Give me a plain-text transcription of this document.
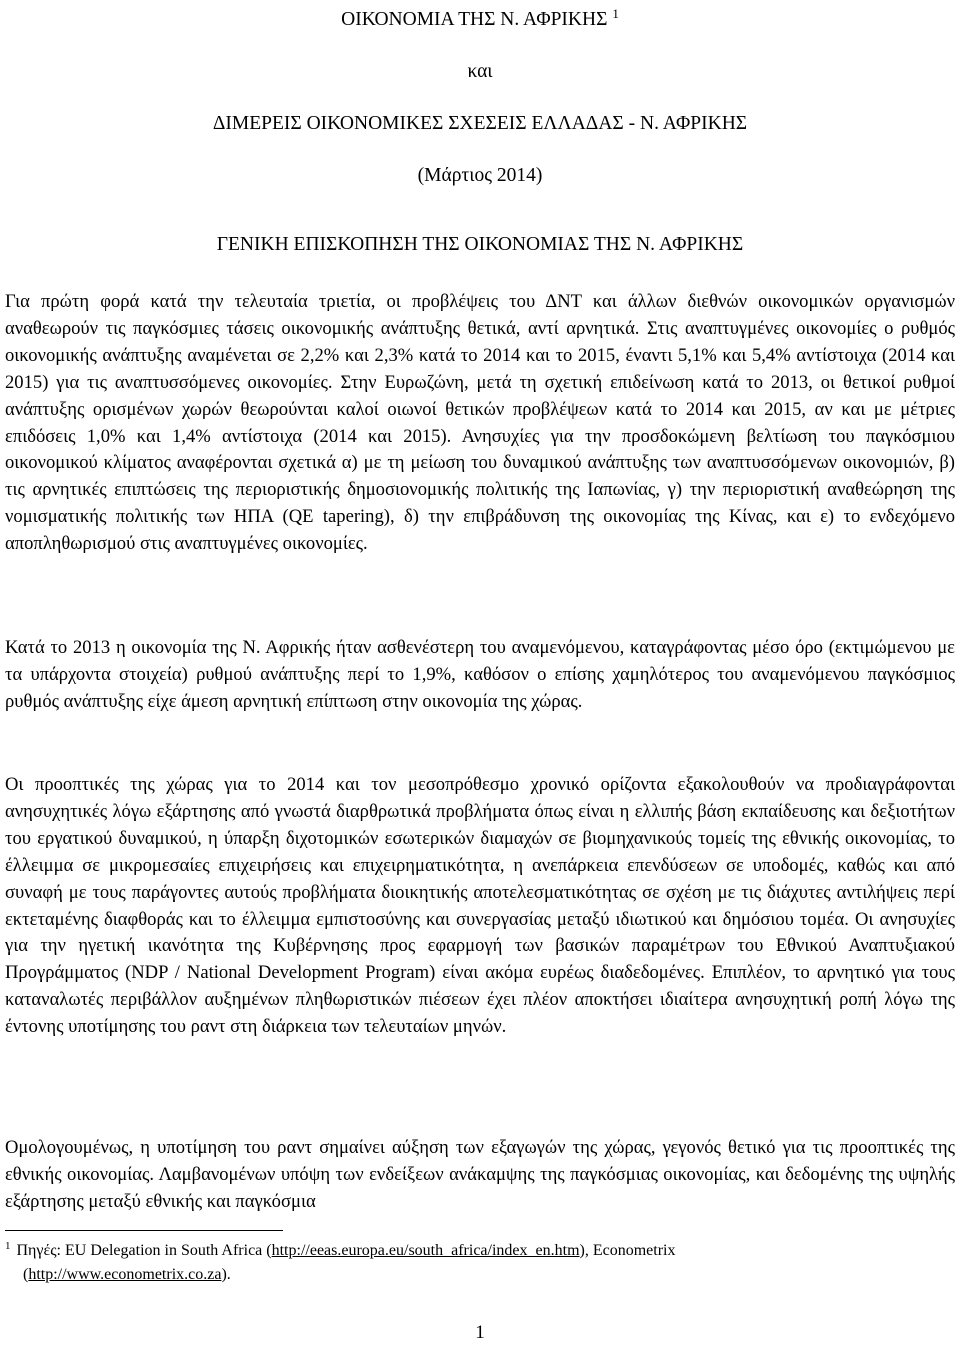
ΟΙΚΟΝΟΜΙΑ ΤΗΣ Ν. ΑΦΡΙΚΗΣ $^1$
και
ΔΙΜΕΡΕΙΣ ΟΙΚΟΝΟΜΙΚΕΣ ΣΧΕΣΕΙΣ ΕΛΛΑΔΑΣ - Ν. ΑΦΡΙΚΗΣ
(Μάρτιος 2014)
ΓΕΝΙΚΗ ΕΠΙΣΚΟΠΗΣΗ ΤΗΣ ΟΙΚΟΝΟΜΙΑΣ ΤΗΣ Ν. ΑΦΡΙΚΗΣ

Για πρώτη φορά κατά την τελευταία τριετία, οι προβλέψεις του ΔΝΤ και άλλων διεθνών οικονομικών οργανισμών αναθεωρούν τις παγκόσμιες τάσεις οικονομικής ανάπτυξης θετικά, αντί αρνητικά. Στις αναπτυγμένες οικονομίες ο ρυθμός οικονομικής ανάπτυξης αναμένεται σε 2,2% και 2,3% κατά το 2014 και το 2015, έναντι 5,1% και 5,4% αντίστοιχα (2014 και 2015) για τις αναπτυσσόμενες οικονομίες. Στην Ευρωζώνη, μετά τη σχετική επιδείνωση κατά το 2013, οι θετικοί ρυθμοί ανάπτυξης ορισμένων χωρών θεωρούνται καλοί οιωνοί θετικών προβλέψεων κατά το 2014 και 2015, αν και με μέτριες επιδόσεις 1,0% και 1,4% αντίστοιχα (2014 και 2015). Ανησυχίες για την προσδοκώμενη βελτίωση του παγκόσμιου οικονομικού κλίματος αναφέρονται σχετικά α) με τη μείωση του δυναμικού ανάπτυξης των αναπτυσσόμενων οικονομιών, β) τις αρνητικές επιπτώσεις της περιοριστικής δημοσιονομικής πολιτικής της Ιαπωνίας, γ) την περιοριστική αναθεώρηση της νομισματικής πολιτικής των ΗΠΑ (QE tapering), δ) την επιβράδυνση της οικονομίας της Κίνας, και ε) το ενδεχόμενο αποπληθωρισμού στις αναπτυγμένες οικονομίες.

Κατά το 2013 η οικονομία της Ν. Αφρικής ήταν ασθενέστερη του αναμενόμενου, καταγράφοντας μέσο όρο (εκτιμώμενου με τα υπάρχοντα στοιχεία) ρυθμού ανάπτυξης περί το 1,9%, καθόσον ο επίσης χαμηλότερος του αναμενόμενου παγκόσμιος ρυθμός ανάπτυξης είχε άμεση αρνητική επίπτωση στην οικονομία της χώρας.

Οι προοπτικές της χώρας για το 2014 και τον μεσοπρόθεσμο χρονικό ορίζοντα εξακολουθούν να προδιαγράφονται ανησυχητικές λόγω εξάρτησης από γνωστά διαρθρωτικά προβλήματα όπως είναι η ελλιπής βάση εκπαίδευσης και δεξιοτήτων του εργατικού δυναμικού, η ύπαρξη διχοτομικών εσωτερικών διαμαχών σε βιομηχανικούς τομείς της εθνικής οικονομίας, το έλλειμμα σε μικρομεσαίες επιχειρήσεις και επιχειρηματικότητα, η ανεπάρκεια επενδύσεων σε υποδομές, καθώς και από συναφή με τους παράγοντες αυτούς προβλήματα διοικητικής αποτελεσματικότητας σε σχέση με τις διάχυτες αντιλήψεις περί εκτεταμένης διαφθοράς και το έλλειμμα εμπιστοσύνης και συνεργασίας μεταξύ ιδιωτικού και δημόσιου τομέα. Οι ανησυχίες για την ηγετική ικανότητα της Κυβέρνησης προς εφαρμογή των βασικών παραμέτρων του Εθνικού Αναπτυξιακού Προγράμματος (NDP / National Development Program) είναι ακόμα ευρέως διαδεδομένες. Επιπλέον, το αρνητικό για τους καταναλωτές περιβάλλον αυξημένων πληθωριστικών πιέσεων έχει πλέον αποκτήσει ιδιαίτερα ανησυχητική ροπή λόγω της έντονης υποτίμησης του ραντ στη διάρκεια των τελευταίων μηνών.

Ομολογουμένως, η υποτίμηση του ραντ σημαίνει αύξηση των εξαγωγών της χώρας, γεγονός θετικό για τις προοπτικές της εθνικής οικονομίας. Λαμβανομένων υπόψη των ενδείξεων ανάκαμψης της παγκόσμιας οικονομίας, και δεδομένης της υψηλής εξάρτησης μεταξύ εθνικής και παγκόσμια

$^1$ Πηγές: EU Delegation in South Africa (http://eeas.europa.eu/south_africa/index_en.htm), Econometrix
(http://www.econometrix.co.za).
1
